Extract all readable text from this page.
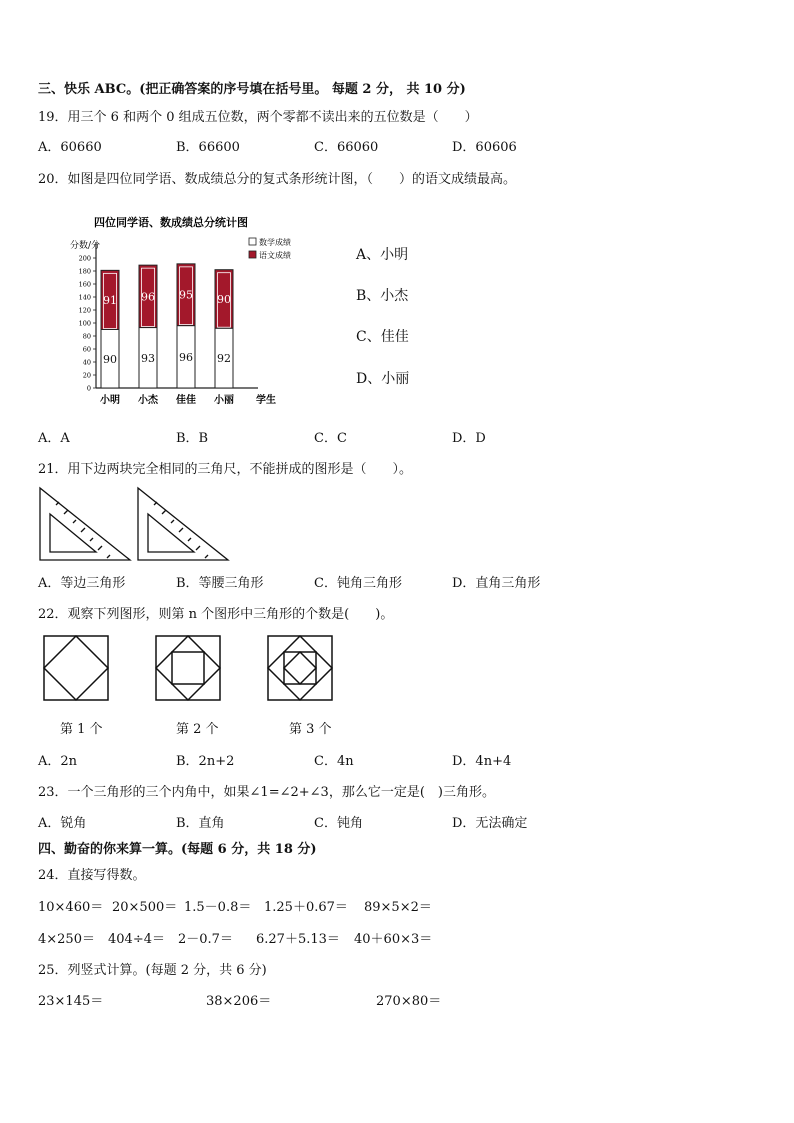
三、快乐 ABC。(把正确答案的序号填在括号里。 每题 2 分， 共 10 分)
19．用三个 6 和两个 0 组成五位数，两个零都不读出来的五位数是（　　）
A．60660	B．66600	C．66060	D．60606
20．如图是四位同学语、数成绩总分的复式条形统计图，（　　）的语文成绩最高。
四位同学语、数成绩总分统计图
分数/分
学生
0
20
40
60
80
100
120
140
160
180
200
90
91
93
96
96
95
92
90
小明 小杰 佳佳 小丽
数学成绩
语文成绩	A、小明
B、小杰
C、佳佳
D、小丽
A．A	B．B	C．C	D．D
21．用下边两块完全相同的三角尺，不能拼成的图形是（　　）。
A．等边三角形	B．等腰三角形	C．钝角三角形	D．直角三角形
22．观察下列图形，则第 n 个图形中三角形的个数是(　　)。
第 1 个	第 2 个	第 3 个
A．2n	B．2n+2	C．4n	D．4n+4
23．一个三角形的三个内角中，如果∠1=∠2+∠3，那么它一定是(　)三角形。
A．锐角	B．直角	C．钝角	D．无法确定
四、勤奋的你来算一算。(每题 6 分，共 18 分)
24．直接写得数。
10×460＝ 20×500＝ 1.5－0.8＝ 1.25＋0.67＝ 89×5×2＝
4×250＝ 404÷4＝ 2－0.7＝ 6.27＋5.13＝ 40＋60×3＝
25．列竖式计算。(每题 2 分，共 6 分)
23×145＝	38×206＝	270×80＝
